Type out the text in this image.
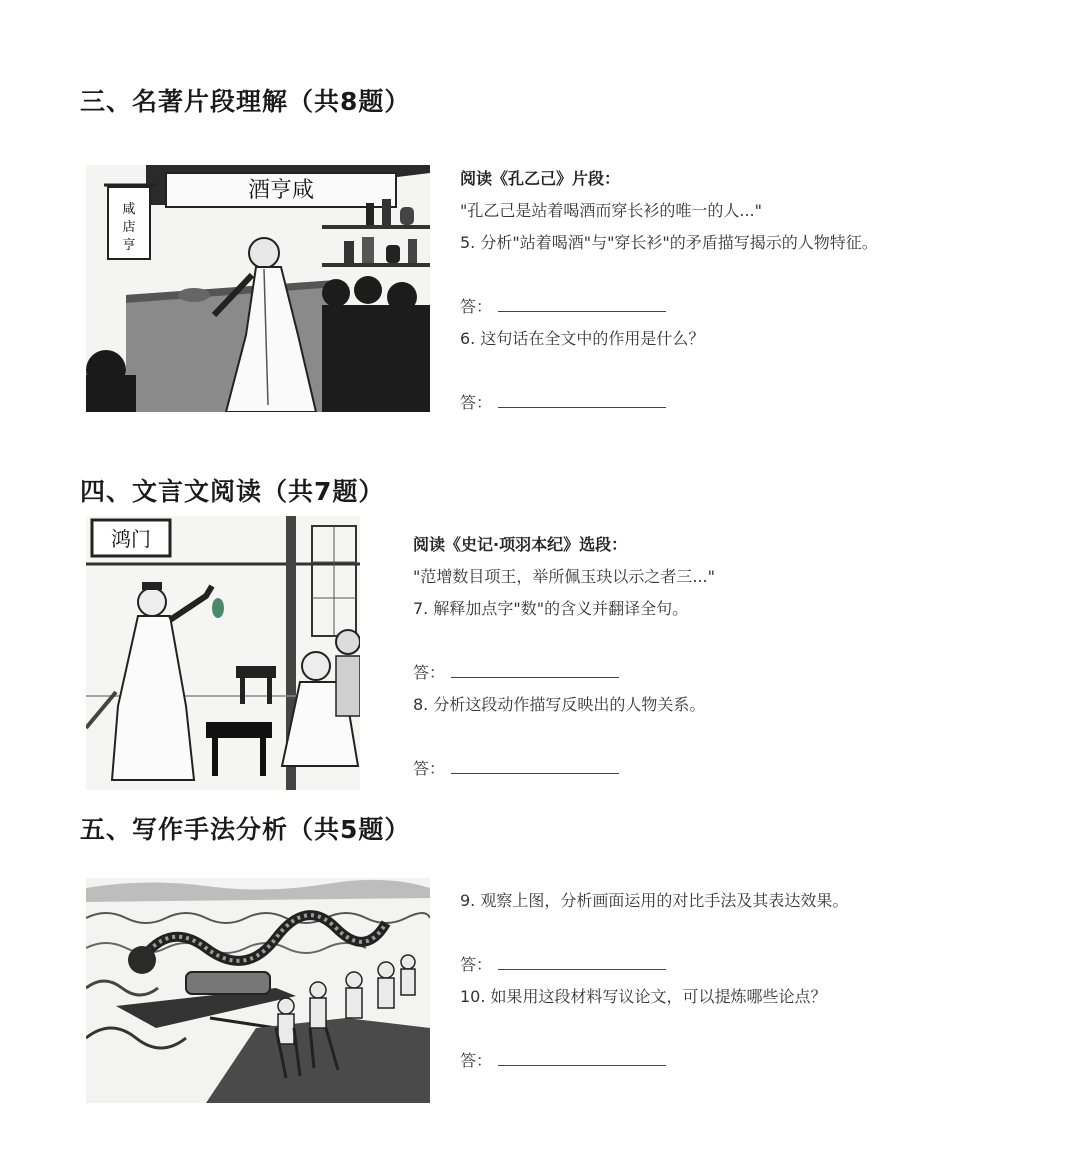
三、名著片段理解（共8题）
酒亨咸
咸
店
亨
阅读《孔乙己》片段：
"孔乙己是站着喝酒而穿长衫的唯一的人..."
5. 分析"站着喝酒"与"穿长衫"的矛盾描写揭示的人物特征。
答：
6. 这句话在全文中的作用是什么？
答：
四、文言文阅读（共7题）
鸿门	阅读《史记·项羽本纪》选段：
"范增数目项王，举所佩玉玦以示之者三..."
7. 解释加点字"数"的含义并翻译全句。
答：
8. 分析这段动作描写反映出的人物关系。
答：
五、写作手法分析（共5题）
9. 观察上图，分析画面运用的对比手法及其表达效果。
答：
10. 如果用这段材料写议论文，可以提炼哪些论点？
答：
